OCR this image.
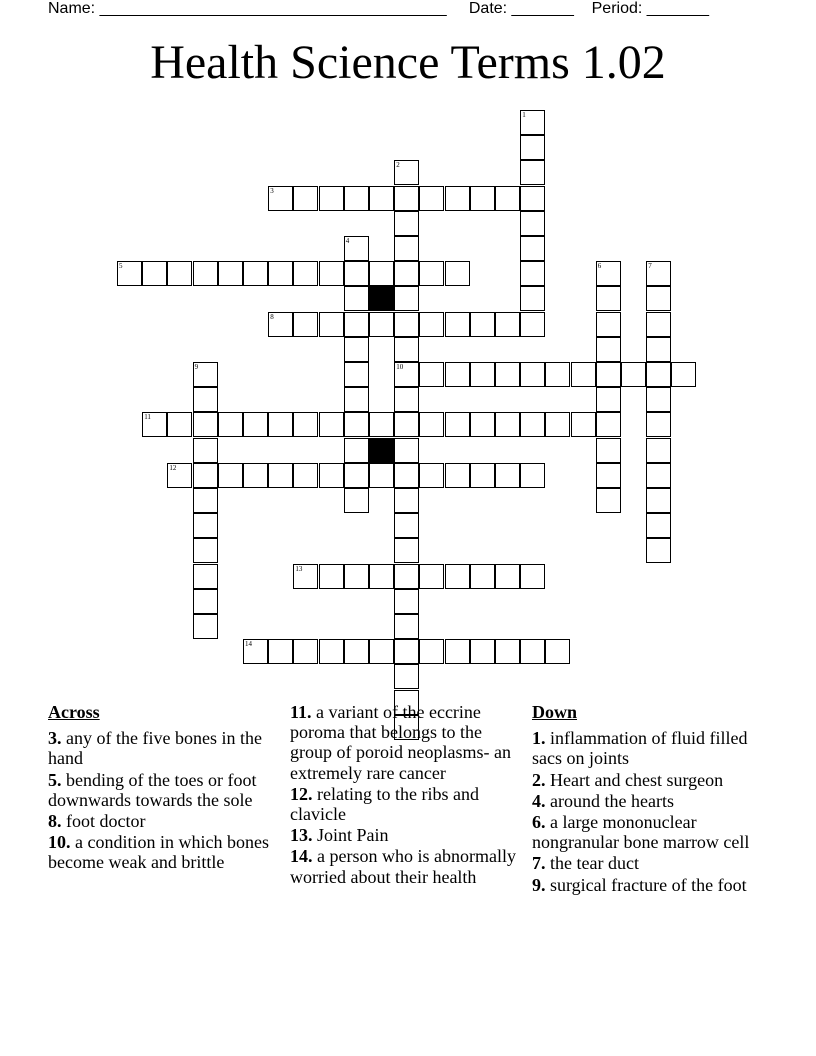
Name: _______________________________________ Date: _______ Period: _______
Health Science Terms 1.02
1
2
3
4
5	6	7
8
9	10
11
12
13
14
Across
3. any of the five bones in the hand
5. bending of the toes or foot downwards towards the sole
8. foot doctor
10. a condition in which bones become weak and brittle
11. a variant of the eccrine poroma that belongs to the group of poroid neoplasms- an extremely rare cancer
12. relating to the ribs and clavicle
13. Joint Pain
14. a person who is abnormally worried about their health
Down
1. inflammation of fluid filled sacs on joints
2. Heart and chest surgeon
4. around the hearts
6. a large mononuclear nongranular bone marrow cell
7. the tear duct
9. surgical fracture of the foot
